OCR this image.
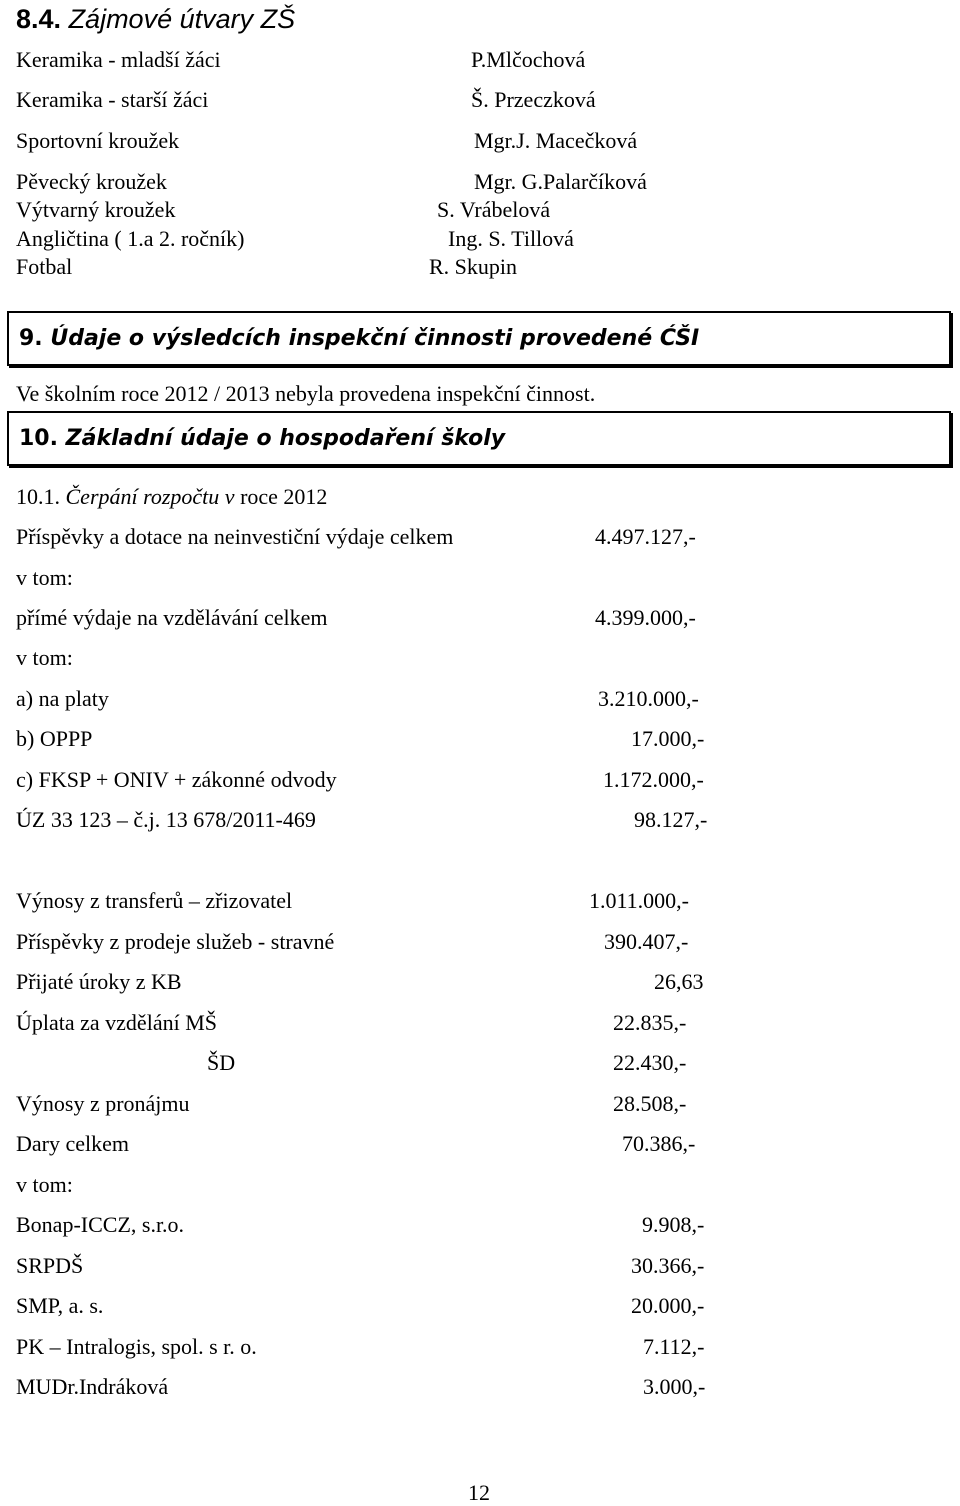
8.4. Zájmové útvary ZŠ
Keramika - mladší žáci	P.Mlčochová
Keramika - starší žáci	Š. Przeczková
Sportovní kroužek	Mgr.J. Macečková
Pěvecký kroužek	Mgr. G.Palarčíková
Výtvarný kroužek	S. Vrábelová
Angličtina ( 1.a 2. ročník)	Ing. S. Tillová
Fotbal	R. Skupin
9. Údaje o výsledcích inspekční činnosti provedené ĆŠI
Ve školním roce 2012 / 2013 nebyla provedena inspekční činnost.
10. Základní údaje o hospodaření školy
10.1. Čerpání rozpočtu v roce 2012
Příspěvky a dotace na neinvestiční výdaje celkem	4.497.127,-
v tom:
přímé výdaje na vzdělávání celkem	4.399.000,-
v tom:
a) na platy	3.210.000,-
b) OPPP	17.000,-
c) FKSP + ONIV + zákonné odvody	1.172.000,-
ÚZ 33 123 – č.j. 13 678/2011-469	98.127,-
Výnosy z transferů – zřizovatel	1.011.000,-
Příspěvky z prodeje služeb - stravné	390.407,-
Přijaté úroky z KB	26,63
Úplata za vzdělání MŠ	22.835,-
ŠD	22.430,-
Výnosy z pronájmu	28.508,-
Dary celkem	70.386,-
v tom:
Bonap-ICCZ, s.r.o.	9.908,-
SRPDŠ	30.366,-
SMP, a. s.	20.000,-
PK – Intralogis, spol. s r. o.	7.112,-
MUDr.Indráková	3.000,-
12
